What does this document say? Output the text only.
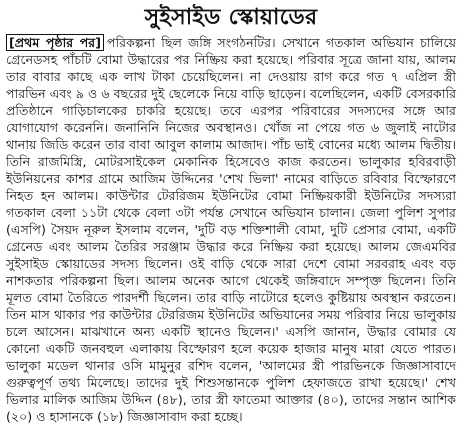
সুইসাইড স্কোয়াডের
[প্রথম পৃষ্ঠার পর] পরিকল্পনা ছিল জঙ্গি সংগঠনটির। সেখানে গতকাল অভিযান চালিয়ে গ্রেনেডসহ পাঁচটি বোমা উদ্ধারের পর নিষ্ক্রিয় করা হয়েছে। পরিবার সূত্রে জানা যায়, আলম তার বাবার কাছে এক লাখ টাকা চেয়েছিলেন। না দেওয়ায় রাগ করে গত ৭ এপ্রিল স্ত্রী পারভিন এবং ৯ ও ৬ বছরের দুই ছেলেকে নিয়ে বাড়ি ছাড়েন। বলেছিলেন, একটি বেসরকারি প্রতিষ্ঠানে গাড়িচালকের চাকরি হয়েছে। তবে এরপর পরিবারের সদস্যদের সঙ্গে আর যোগাযোগ করেননি। জনানিনি নিজের অবস্থানও। খোঁজ না পেয়ে গত ৬ জুলাই নাটোর থানায় জিডি করেন তার বাবা আবুল কালাম আজাদ। পাঁচ ভাই বোনের মধ্যে আলম দ্বিতীয়। তিনি রাজমিস্ত্রি, মোটরসাইকেল মেকানিক হিসেবেও কাজ করতেন। ভালুকার হবিরবাড়ী ইউনিয়নের কাশর গ্রামে আজিম উদ্দিনের 'শেখ ভিলা' নামের বাড়িতে রবিবার বিস্ফোরণে নিহত হন আলম। কাউন্টার টেররিজম ইউনিটের বোমা নিষ্ক্রিয়কারী ইউনিটের সদস্যরা গতকাল বেলা ১১টা থেকে বেলা ৩টা পর্যন্ত সেখানে অভিযান চালান। জেলা পুলিশ সুপার (এসপি) সৈয়দ নূরুল ইসলাম বলেন, 'দুটি বড় শক্তিশালী বোমা, দুটি প্রেসার বোমা, একটি গ্রেনেড এবং আলম তৈরির সরঞ্জাম উদ্ধার করে নিষ্ক্রিয় করা হয়েছে। আলম জেএমবির সুইসাইড স্কোয়াডের সদস্য ছিলেন। ওই বাড়ি থেকে সারা দেশে বোমা সরবরাহ এবং বড় নাশকতার পরিকল্পনা ছিল। আলম অনেক আগে থেকেই জঙ্গিবাদে সম্পৃক্ত ছিলেন। তিনি মূলত বোমা তৈরিতে পারদর্শী ছিলেন। তার বাড়ি নাটোরে হলেও কুষ্টিয়ায় অবস্থান করতেন। তিন মাস থাকার পর কাউন্টার টেররিজম ইউনিটের অভিযানের সময় পরিবার নিয়ে ভালুকায় চলে আসেন। মাঝখানে অন্য একটি স্থানেও ছিলেন।' এসপি জানান, উদ্ধার বোমার যে কোনো একটি জনবহুল এলাকায় বিস্ফোরণ হলে কয়েক হাজার মানুষ মারা যেতে পারত। ভালুকা মডেল থানার ওসি মামুনুর রশিদ বলেন, 'আলমের স্ত্রী পারভিনকে জিজ্ঞাসাবাদে গুরুত্বপূর্ণ তথ্য মিলেছে। তাদের দুই শিশুসন্তানকে পুলিশ হেফাজতে রাখা হয়েছে।' শেখ ভিলার মালিক আজিম উদ্দিন (৪৮), তার স্ত্রী ফাতেমা আক্তার (৪০), তাদের সন্তান আশিক (২০) ও হাসানকে (১৮) জিজ্ঞাসাবাদ করা হচ্ছে।
